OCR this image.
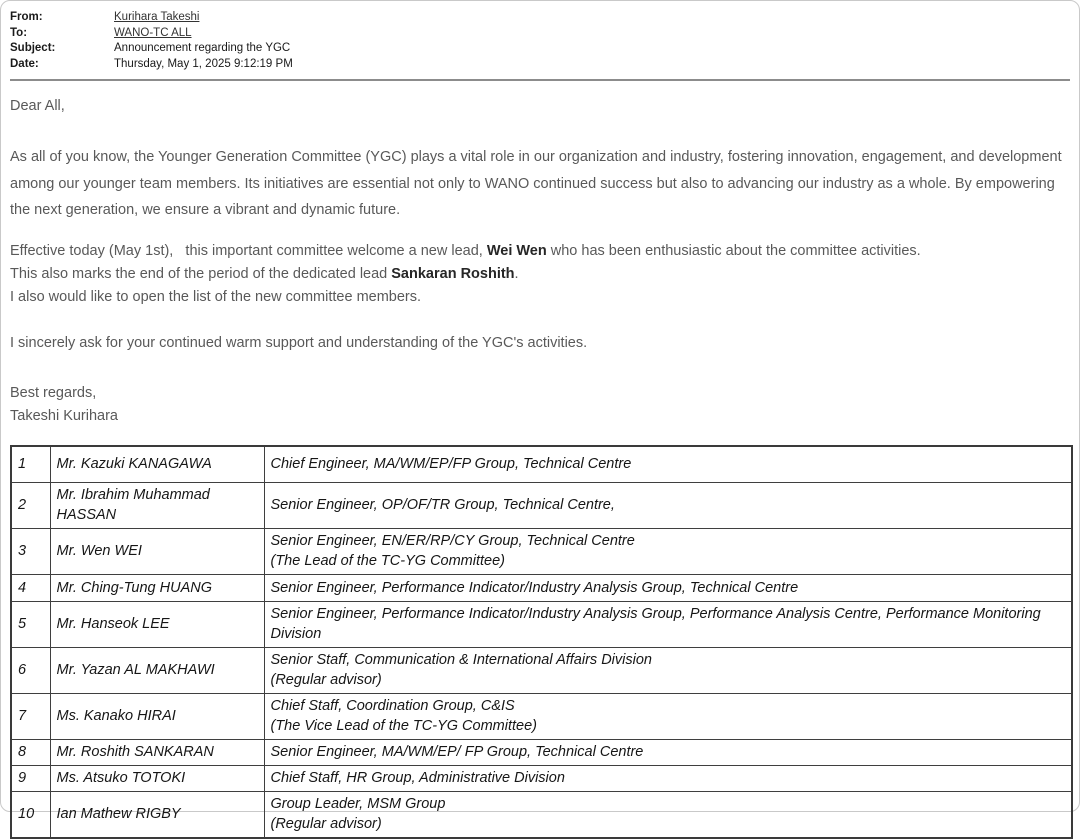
From:	Kurihara Takeshi
To:	WANO-TC ALL
Subject:	Announcement regarding the YGC
Date:	Thursday, May 1, 2025 9:12:19 PM
Dear All,
As all of you know, the Younger Generation Committee (YGC) plays a vital role in our organization and industry, fostering innovation, engagement, and development among our younger team members. Its initiatives are essential not only to WANO continued success but also to advancing our industry as a whole. By empowering the next generation, we ensure a vibrant and dynamic future.
Effective today (May 1st),   this important committee welcome a new lead, Wei Wen who has been enthusiastic about the committee activities.
This also marks the end of the period of the dedicated lead Sankaran Roshith.
I also would like to open the list of the new committee members.
I sincerely ask for your continued warm support and understanding of the YGC's activities.
Best regards,
Takeshi Kurihara
1	Mr. Kazuki KANAGAWA	Chief Engineer, MA/WM/EP/FP Group, Technical Centre

2	Mr. Ibrahim Muhammad HASSAN	Senior Engineer, OP/OF/TR Group, Technical Centre,

3	Mr. Wen WEI	Senior Engineer, EN/ER/RP/CY Group, Technical Centre
(The Lead of the TC-YG Committee)

4	Mr. Ching-Tung HUANG	Senior Engineer, Performance Indicator/Industry Analysis Group, Technical Centre

5	Mr. Hanseok LEE	Senior Engineer, Performance Indicator/Industry Analysis Group, Performance Analysis Centre, Performance Monitoring Division

6	Mr. Yazan AL MAKHAWI	Senior Staff, Communication & International Affairs Division
(Regular advisor)

7	Ms. Kanako HIRAI	Chief Staff, Coordination Group, C&IS
(The Vice Lead of the TC-YG Committee)

8	Mr. Roshith SANKARAN	Senior Engineer, MA/WM/EP/ FP Group, Technical Centre

9	Ms. Atsuko TOTOKI	Chief Staff, HR Group, Administrative Division

10	Ian Mathew RIGBY	Group Leader, MSM Group
(Regular advisor)
